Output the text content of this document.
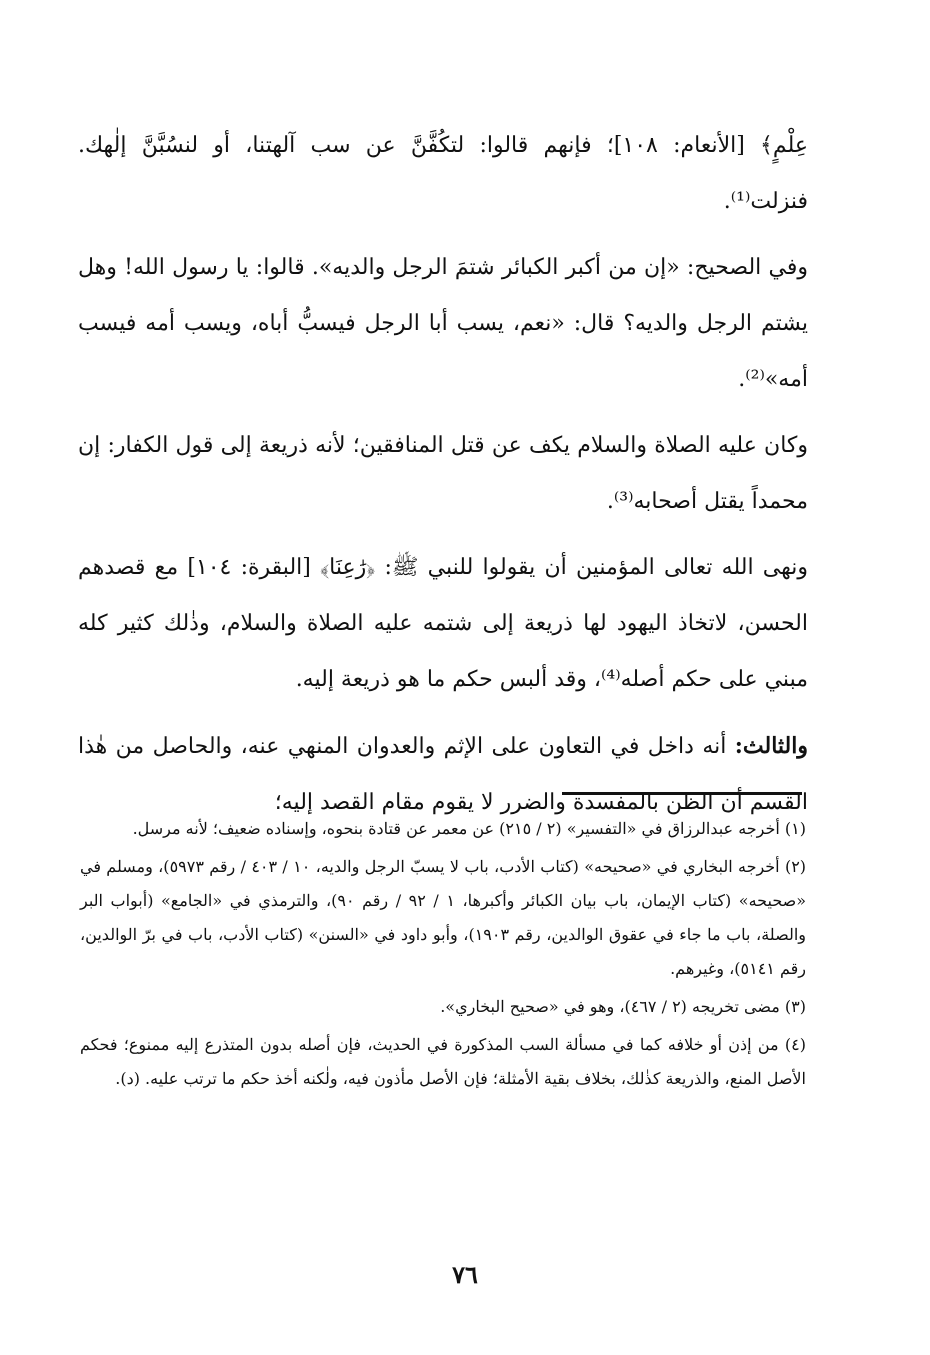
عِلْمٍ﴾ [الأنعام: ١٠٨]؛ فإنهم قالوا: لتكُفَّنَّ عن سب آلهتنا، أو لنسُبَّنَّ إلٰهك. فنزلت⁽¹⁾.

وفي الصحيح: «إن من أكبر الكبائر شتمَ الرجل والديه». قالوا: يا رسول الله! وهل يشتم الرجل والديه؟ قال: «نعم، يسب أبا الرجل فيسبُّ أباه، ويسب أمه فيسب أمه»⁽²⁾.

وكان عليه الصلاة والسلام يكف عن قتل المنافقين؛ لأنه ذريعة إلى قول الكفار: إن محمداً يقتل أصحابه⁽³⁾.

ونهى الله تعالى المؤمنين أن يقولوا للنبي ﷺ: ﴿رَٰعِنَا﴾ [البقرة: ١٠٤] مع قصدهم الحسن، لاتخاذ اليهود لها ذريعة إلى شتمه عليه الصلاة والسلام، وذٰلك كثير كله مبني على حكم أصله⁽⁴⁾، وقد ألبس حكم ما هو ذريعة إليه.

والثالث: أنه داخل في التعاون على الإثم والعدوان المنهي عنه، والحاصل من هٰذا القسم أن الظن بالمفسدة والضرر لا يقوم مقام القصد إليه؛

(١) أخرجه عبدالرزاق في «التفسير» (٢ / ٢١٥) عن معمر عن قتادة بنحوه، وإسناده ضعيف؛ لأنه مرسل.

(٢) أخرجه البخاري في «صحيحه» (كتاب الأدب، باب لا يسبّ الرجل والديه، ١٠ / ٤٠٣ / رقم ٥٩٧٣)، ومسلم في «صحيحه» (كتاب الإيمان، باب بيان الكبائر وأكبرها، ١ / ٩٢ / رقم ٩٠)، والترمذي في «الجامع» (أبواب البر والصلة، باب ما جاء في عقوق الوالدين، رقم ١٩٠٣)، وأبو داود في «السنن» (كتاب الأدب، باب في برّ الوالدين، رقم ٥١٤١)، وغيرهم.

(٣) مضى تخريجه (٢ / ٤٦٧)، وهو في «صحيح البخاري».

(٤) من إذن أو خلافه كما في مسألة السب المذكورة في الحديث، فإن أصله بدون المتذرع إليه ممنوع؛ فحكم الأصل المنع، والذريعة كذٰلك، بخلاف بقية الأمثلة؛ فإن الأصل مأذون فيه، ولٰكنه أخذ حكم ما ترتب عليه. (د).

٧٦
